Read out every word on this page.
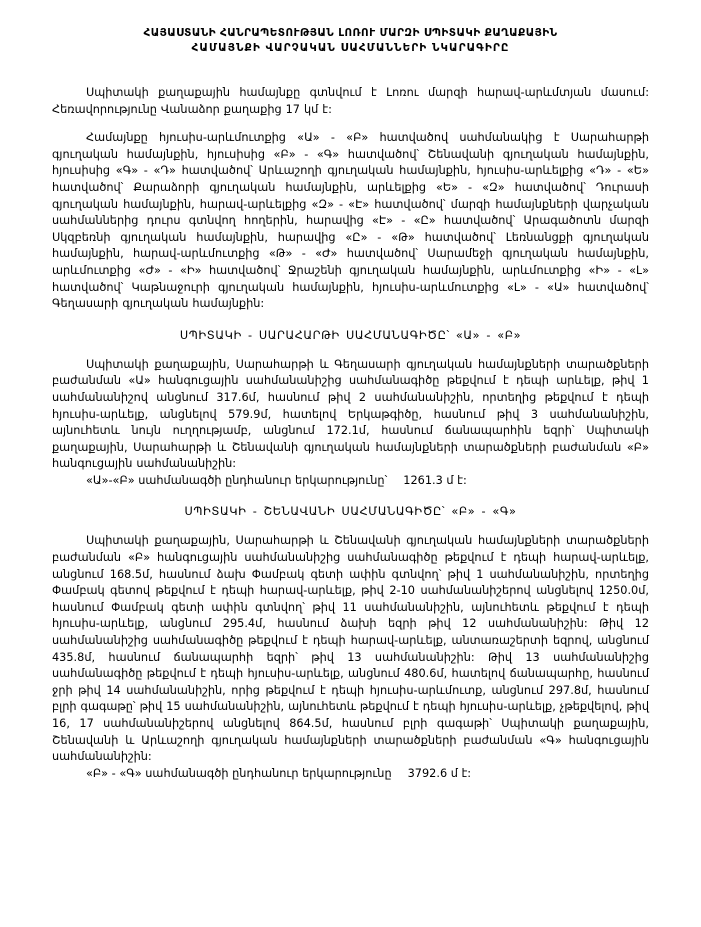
ՀԱՅԱՍՏԱՆԻ ՀԱՆՐԱՊԵՏՈՒԹՅԱՆ ԼՈՌՈՒ ՄԱՐԶԻ ՍՊԻՏԱԿԻ ՔԱՂԱՔԱՅԻՆ
ՀԱՄԱՅՆՔԻ ՎԱՐՉԱԿԱՆ ՍԱՀՄԱՆՆԵՐԻ ՆԿԱՐԱԳԻՐԸ

Սպիտակի քաղաքային համայնքը գտնվում է Լոռու մարզի հարավ-արևմտյան մասում: Հեռավորությունը Վանաձոր քաղաքից 17 կմ է:

Համայնքը հյուսիս-արևմուտքից «Ա» - «Բ» հատվածով սահմանակից է Սարահարթի գյուղական համայնքին, հյուսիսից «Բ» - «Գ» հատվածով՝ Շենավանի գյուղական համայնքին, հյուսիսից «Գ» - «Դ» հատվածով՝ Արևաշողի գյուղական համայնքին, հյուսիս-արևելքից «Դ» - «Ե» հատվածով՝ Քարաձորի գյուղական համայնքին, արևելքից «Ե» - «Զ» հատվածով՝ Դուրասի գյուղական համայնքին, հարավ-արևելքից «Զ» - «Է» հատվածով՝ մարզի համայնքների վարչական սահմաններից դուրս գտնվող հողերին, հարավից «Է» - «Ը» հատվածով՝ Արագածոտն մարզի Սկզբեռնի գյուղական համայնքին, հարավից «Ը» - «Թ» հատվածով՝ Լեռնանցքի գյուղական համայնքին, հարավ-արևմուտքից «Թ» - «Ժ» հատվածով՝ Սարամեջի գյուղական համայնքին, արևմուտքից «Ժ» - «Ի» հատվածով՝ Ջրաշենի գյուղական համայնքին, արևմուտքից «Ի» - «Լ» հատվածով՝ Կաթնաջուրի գյուղական համայնքին, հյուսիս-արևմուտքից «Լ» - «Ա» հատվածով՝ Գեղասարի գյուղական համայնքին:

ՍՊԻՏԱԿԻ - ՍԱՐԱՀԱՐԹԻ ՍԱՀՄԱՆԱԳԻԾԸ՝ «Ա» - «Բ»

Սպիտակի քաղաքային, Սարահարթի և Գեղասարի գյուղական համայնքների տարածքների բաժանման «Ա» հանգուցային սահմանանիշից սահմանագիծը թեքվում է դեպի արևելք, թիվ 1 սահմանանիշով անցնում 317.6մ, հասնում թիվ 2 սահմանանիշին, որտեղից թեքվում է դեպի հյուսիս-արևելք, անցնելով 579.9մ, հատելով Երկաթգիծը, հասնում թիվ 3 սահմանանիշին, այնուհետև նույն ուղղությամբ, անցնում 172.1մ, հասնում ճանապարհին եզրի՝ Սպիտակի քաղաքային, Սարահարթի և Շենավանի գյուղական համայնքների տարածքների բաժանման «Բ» հանգուցային սահմանանիշին:

«Ա»-«Բ» սահմանագծի ընդհանուր երկարությունը՝ 1261.3 մ է:
ՍՊԻՏԱԿԻ - ՇԵՆԱՎԱՆԻ ՍԱՀՄԱՆԱԳԻԾԸ՝ «Բ» - «Գ»

Սպիտակի քաղաքային, Սարահարթի և Շենավանի գյուղական համայնքների տարածքների բաժանման «Բ» հանգուցային սահմանանիշից սահմանագիծը թեքվում է դեպի հարավ-արևելք, անցնում 168.5մ, հասնում ձախ Փամբակ գետի ափին գտնվող՝ թիվ 1 սահմանանիշին, որտեղից Փամբակ գետով թեքվում է դեպի հարավ-արևելք, թիվ 2-10 սահմանանիշերով անցնելով 1250.0մ, հասնում Փամբակ գետի ափին գտնվող՝ թիվ 11 սահմանանիշին, այնուհետև թեքվում է դեպի հյուսիս-արևելք, անցնում 295.4մ, հասնում ձախի եզրի թիվ 12 սահմանանիշին: Թիվ 12 սահմանանիշից սահմանագիծը թեքվում է դեպի հարավ-արևելք, անտառաշերտի եզրով, անցնում 435.8մ, հասնում ճանապարհի եզրի՝ թիվ 13 սահմանանիշին: Թիվ 13 սահմանանիշից սահմանագիծը թեքվում է դեպի հյուսիս-արևելք, անցնում 480.6մ, հատելով ճանապարհը, հասնում ջրի թիվ 14 սահմանանիշին, որից թեքվում է դեպի հյուսիս-արևմուտք, անցնում 297.8մ, հասնում բլրի գագաթը՝ թիվ 15 սահմանանիշին, այնուհետև թեքվում է դեպի հյուսիս-արևելք, չթեքվելով, թիվ 16, 17 սահմանանիշերով անցնելով 864.5մ, հասնում բլրի գագաթի՝ Սպիտակի քաղաքային, Շենավանի և Արևաշողի գյուղական համայնքների տարածքների բաժանման «Գ» հանգուցային սահմանանիշին:

«Բ» - «Գ» սահմանագծի ընդհանուր երկարությունը 3792.6 մ է:
